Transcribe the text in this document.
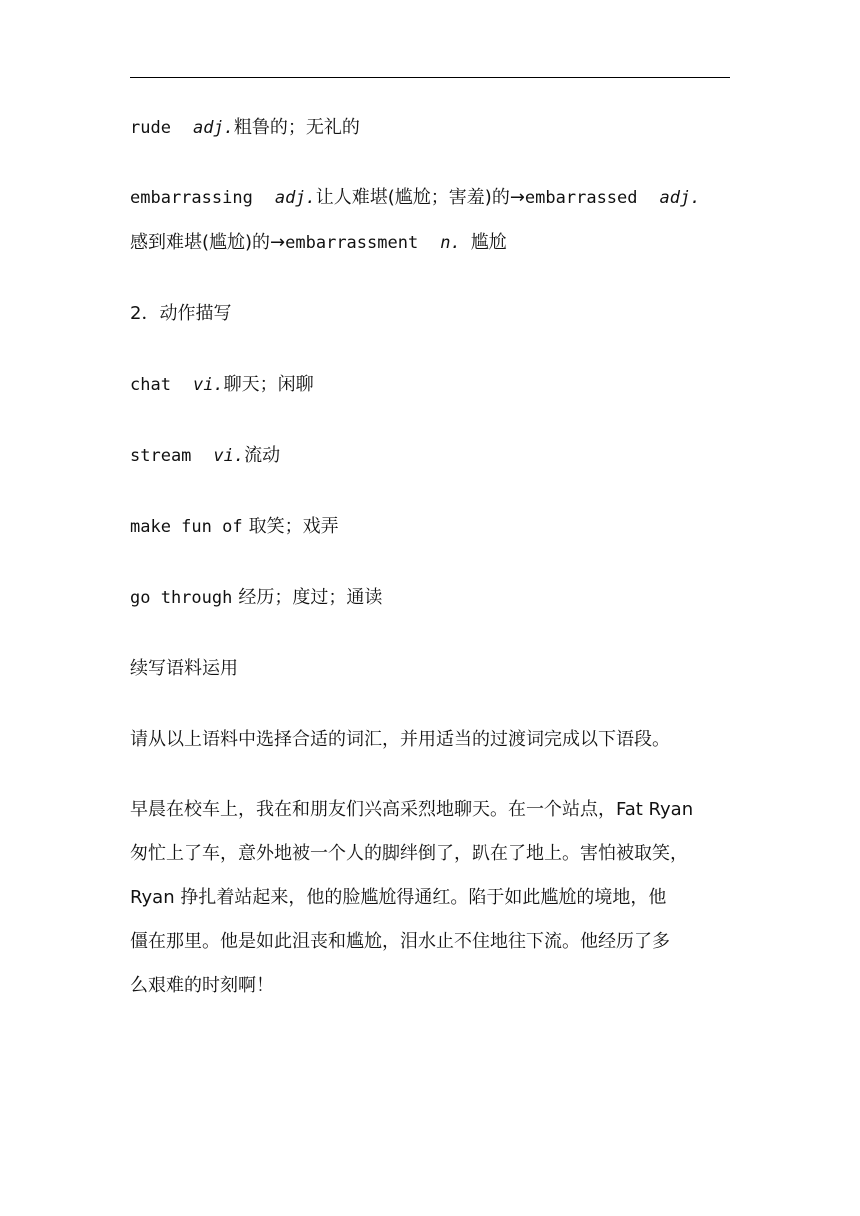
rude adj.粗鲁的；无礼的
embarrassing adj.让人难堪(尴尬；害羞)的→embarrassed adj.
感到难堪(尴尬)的→embarrassment n. 尴尬
2．动作描写
chat vi.聊天；闲聊
stream vi.流动
make fun of 取笑；戏弄
go through 经历；度过；通读
续写语料运用
请从以上语料中选择合适的词汇，并用适当的过渡词完成以下语段。
早晨在校车上，我在和朋友们兴高采烈地聊天。在一个站点，Fat Ryan
匆忙上了车，意外地被一个人的脚绊倒了，趴在了地上。害怕被取笑，
Ryan 挣扎着站起来，他的脸尴尬得通红。陷于如此尴尬的境地，他
僵在那里。他是如此沮丧和尴尬，泪水止不住地往下流。他经历了多
么艰难的时刻啊！
